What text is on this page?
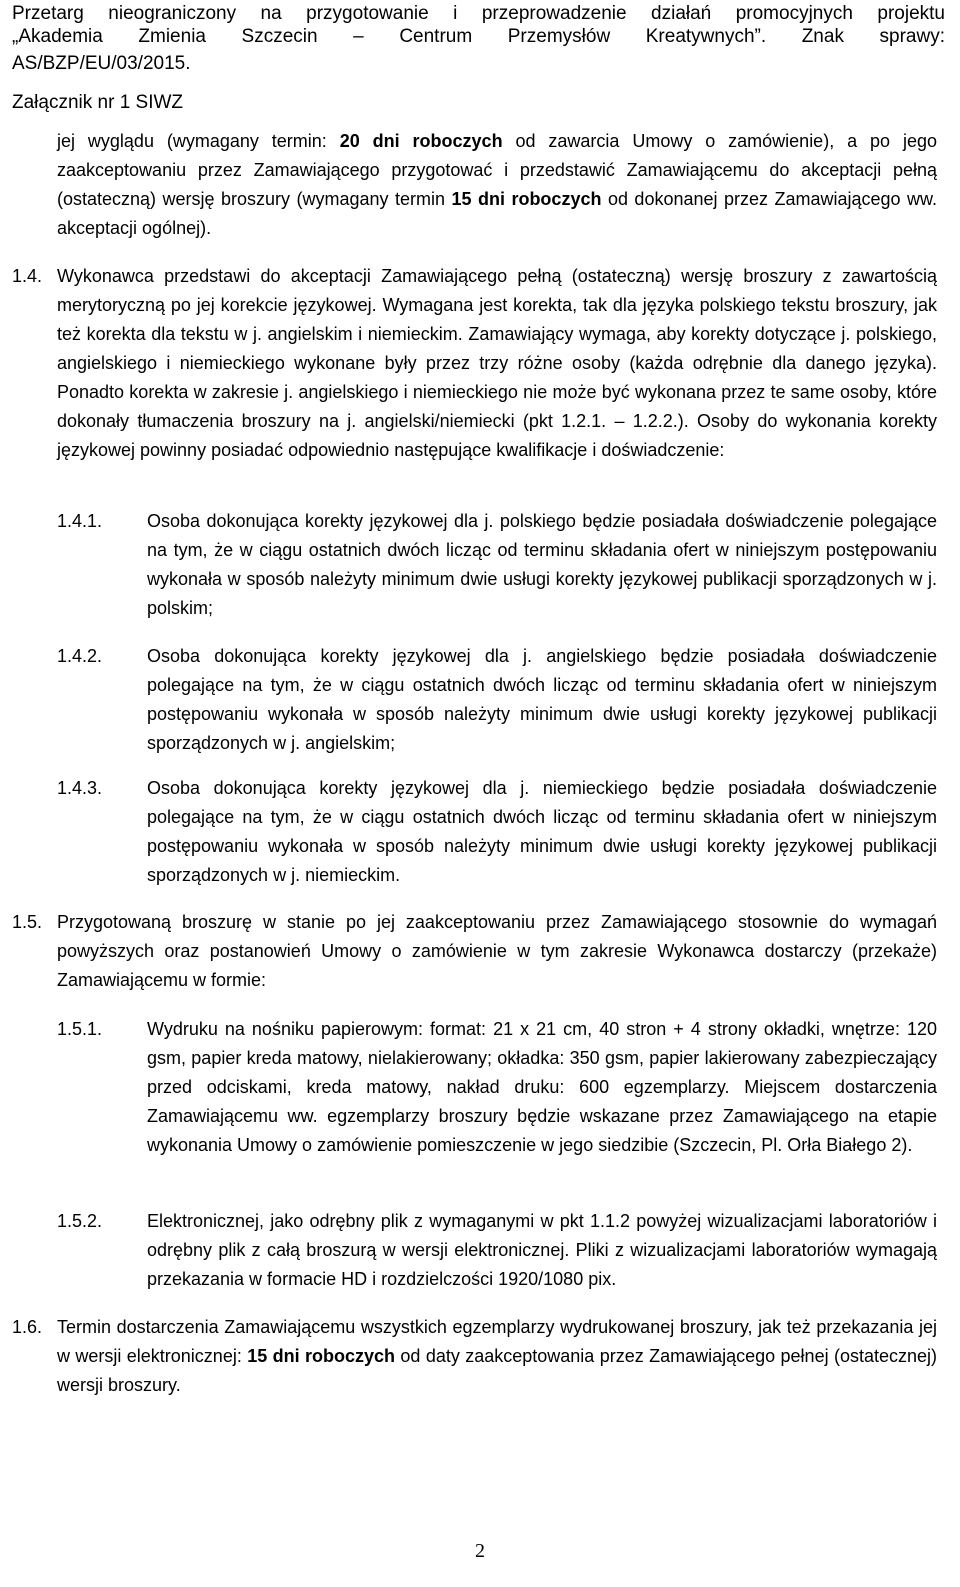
Przetarg nieograniczony na przygotowanie i przeprowadzenie działań promocyjnych projektu
„Akademia Zmienia Szczecin – Centrum Przemysłów Kreatywnych”. Znak sprawy:
AS/BZP/EU/03/2015.
Załącznik nr 1 SIWZ

jej wyglądu (wymagany termin: 20 dni roboczych od zawarcia Umowy o zamówienie), a po jego zaakceptowaniu przez Zamawiającego przygotować i przedstawić Zamawiającemu do akceptacji pełną (ostateczną) wersję broszury (wymagany termin 15 dni roboczych od dokonanej przez Zamawiającego ww. akceptacji ogólnej).

1.4. Wykonawca przedstawi do akceptacji Zamawiającego pełną (ostateczną) wersję broszury z zawartością merytoryczną po jej korekcie językowej. Wymagana jest korekta, tak dla języka polskiego tekstu broszury, jak też korekta dla tekstu w j. angielskim i niemieckim. Zamawiający wymaga, aby korekty dotyczące j. polskiego, angielskiego i niemieckiego wykonane były przez trzy różne osoby (każda odrębnie dla danego języka). Ponadto korekta w zakresie j. angielskiego i niemieckiego nie może być wykonana przez te same osoby, które dokonały tłumaczenia broszury na j. angielski/niemiecki (pkt 1.2.1. – 1.2.2.). Osoby do wykonania korekty językowej powinny posiadać odpowiednio następujące kwalifikacje i doświadczenie:

1.4.1. Osoba dokonująca korekty językowej dla j. polskiego będzie posiadała doświadczenie polegające na tym, że w ciągu ostatnich dwóch licząc od terminu składania ofert w niniejszym postępowaniu wykonała w sposób należyty minimum dwie usługi korekty językowej publikacji sporządzonych w j. polskim;

1.4.2. Osoba dokonująca korekty językowej dla j. angielskiego będzie posiadała doświadczenie polegające na tym, że w ciągu ostatnich dwóch licząc od terminu składania ofert w niniejszym postępowaniu wykonała w sposób należyty minimum dwie usługi korekty językowej publikacji sporządzonych w j. angielskim;

1.4.3. Osoba dokonująca korekty językowej dla j. niemieckiego będzie posiadała doświadczenie polegające na tym, że w ciągu ostatnich dwóch licząc od terminu składania ofert w niniejszym postępowaniu wykonała w sposób należyty minimum dwie usługi korekty językowej publikacji sporządzonych w j. niemieckim.

1.5. Przygotowaną broszurę w stanie po jej zaakceptowaniu przez Zamawiającego stosownie do wymagań powyższych oraz postanowień Umowy o zamówienie w tym zakresie Wykonawca dostarczy (przekaże) Zamawiającemu w formie:

1.5.1. Wydruku na nośniku papierowym: format: 21 x 21 cm, 40 stron + 4 strony okładki, wnętrze: 120 gsm, papier kreda matowy, nielakierowany; okładka: 350 gsm, papier lakierowany zabezpieczający przed odciskami, kreda matowy, nakład druku: 600 egzemplarzy. Miejscem dostarczenia Zamawiającemu ww. egzemplarzy broszury będzie wskazane przez Zamawiającego na etapie wykonania Umowy o zamówienie pomieszczenie w jego siedzibie (Szczecin, Pl. Orła Białego 2).

1.5.2. Elektronicznej, jako odrębny plik z wymaganymi w pkt 1.1.2 powyżej wizualizacjami laboratoriów i odrębny plik z całą broszurą w wersji elektronicznej. Pliki z wizualizacjami laboratoriów wymagają przekazania w formacie HD i rozdzielczości 1920/1080 pix.

1.6. Termin dostarczenia Zamawiającemu wszystkich egzemplarzy wydrukowanej broszury, jak też przekazania jej w wersji elektronicznej: 15 dni roboczych od daty zaakceptowania przez Zamawiającego pełnej (ostatecznej) wersji broszury.

2
